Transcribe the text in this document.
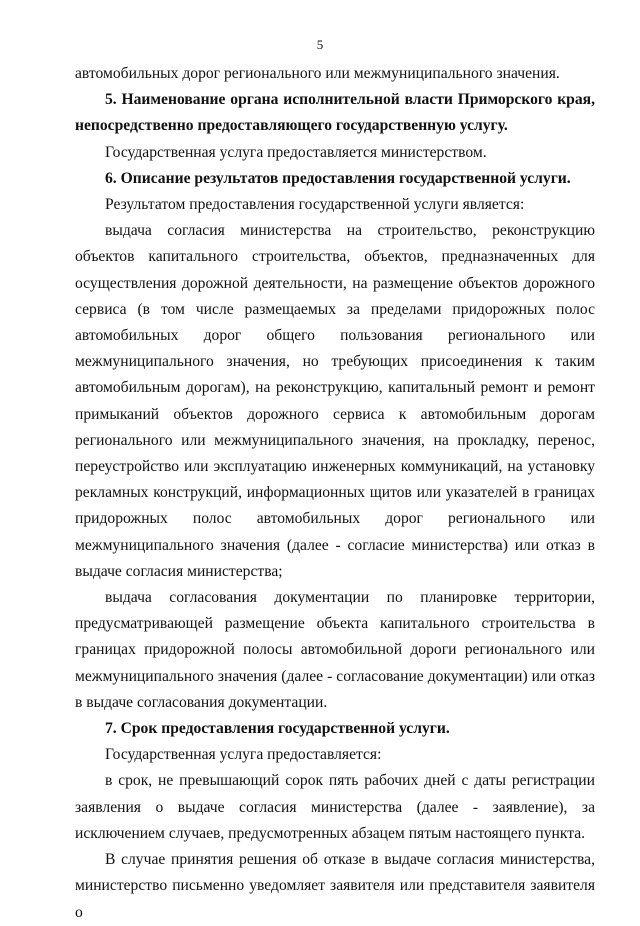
5

автомобильных дорог регионального или межмуниципального значения.

5. Наименование органа исполнительной власти Приморского края, непосредственно предоставляющего государственную услугу.

Государственная услуга предоставляется министерством.

6. Описание результатов предоставления государственной услуги.

Результатом предоставления государственной услуги является:

выдача согласия министерства на строительство, реконструкцию объектов капитального строительства, объектов, предназначенных для осуществления дорожной деятельности, на размещение объектов дорожного сервиса (в том числе размещаемых за пределами придорожных полос автомобильных дорог общего пользования регионального или межмуниципального значения, но требующих присоединения к таким автомобильным дорогам), на реконструкцию, капитальный ремонт и ремонт примыканий объектов дорожного сервиса к автомобильным дорогам регионального или межмуниципального значения, на прокладку, перенос, переустройство или эксплуатацию инженерных коммуникаций, на установку рекламных конструкций, информационных щитов или указателей в границах придорожных полос автомобильных дорог регионального или межмуниципального значения (далее - согласие министерства) или отказ в выдаче согласия министерства;

выдача согласования документации по планировке территории, предусматривающей размещение объекта капитального строительства в границах придорожной полосы автомобильной дороги регионального или межмуниципального значения (далее - согласование документации) или отказ в выдаче согласования документации.

7. Срок предоставления государственной услуги.

Государственная услуга предоставляется:

в срок, не превышающий сорок пять рабочих дней с даты регистрации заявления о выдаче согласия министерства (далее - заявление), за исключением случаев, предусмотренных абзацем пятым настоящего пункта.

В случае принятия решения об отказе в выдаче согласия министерства, министерство письменно уведомляет заявителя или представителя заявителя о
